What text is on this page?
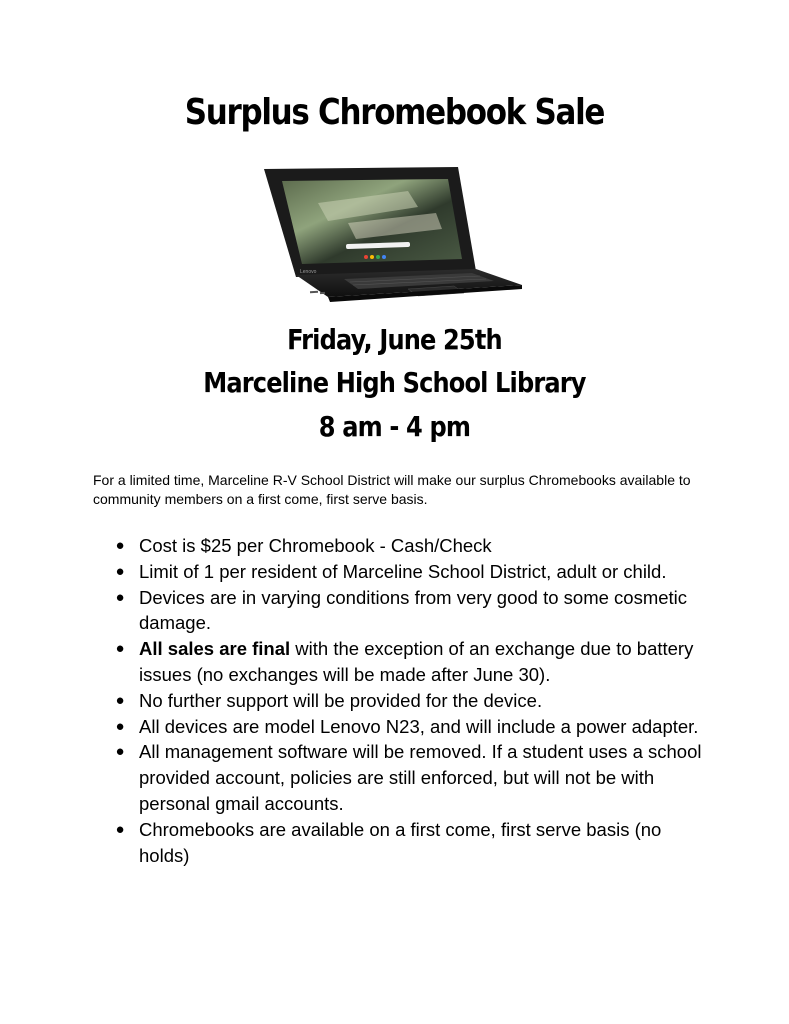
Surplus Chromebook Sale
Lenovo
Friday, June 25th
Marceline High School Library
8 am - 4 pm

For a limited time, Marceline R-V School District will make our surplus Chromebooks available to community members on a first come, first serve basis.

● Cost is $25 per Chromebook - Cash/Check
● Limit of 1 per resident of Marceline School District, adult or child.
● Devices are in varying conditions from very good to some cosmetic damage.
● All sales are final with the exception of an exchange due to battery issues (no exchanges will be made after June 30).
● No further support will be provided for the device.
● All devices are model Lenovo N23, and will include a power adapter.
● All management software will be removed. If a student uses a school provided account, policies are still enforced, but will not be with personal gmail accounts.
● Chromebooks are available on a first come, first serve basis (no holds)
